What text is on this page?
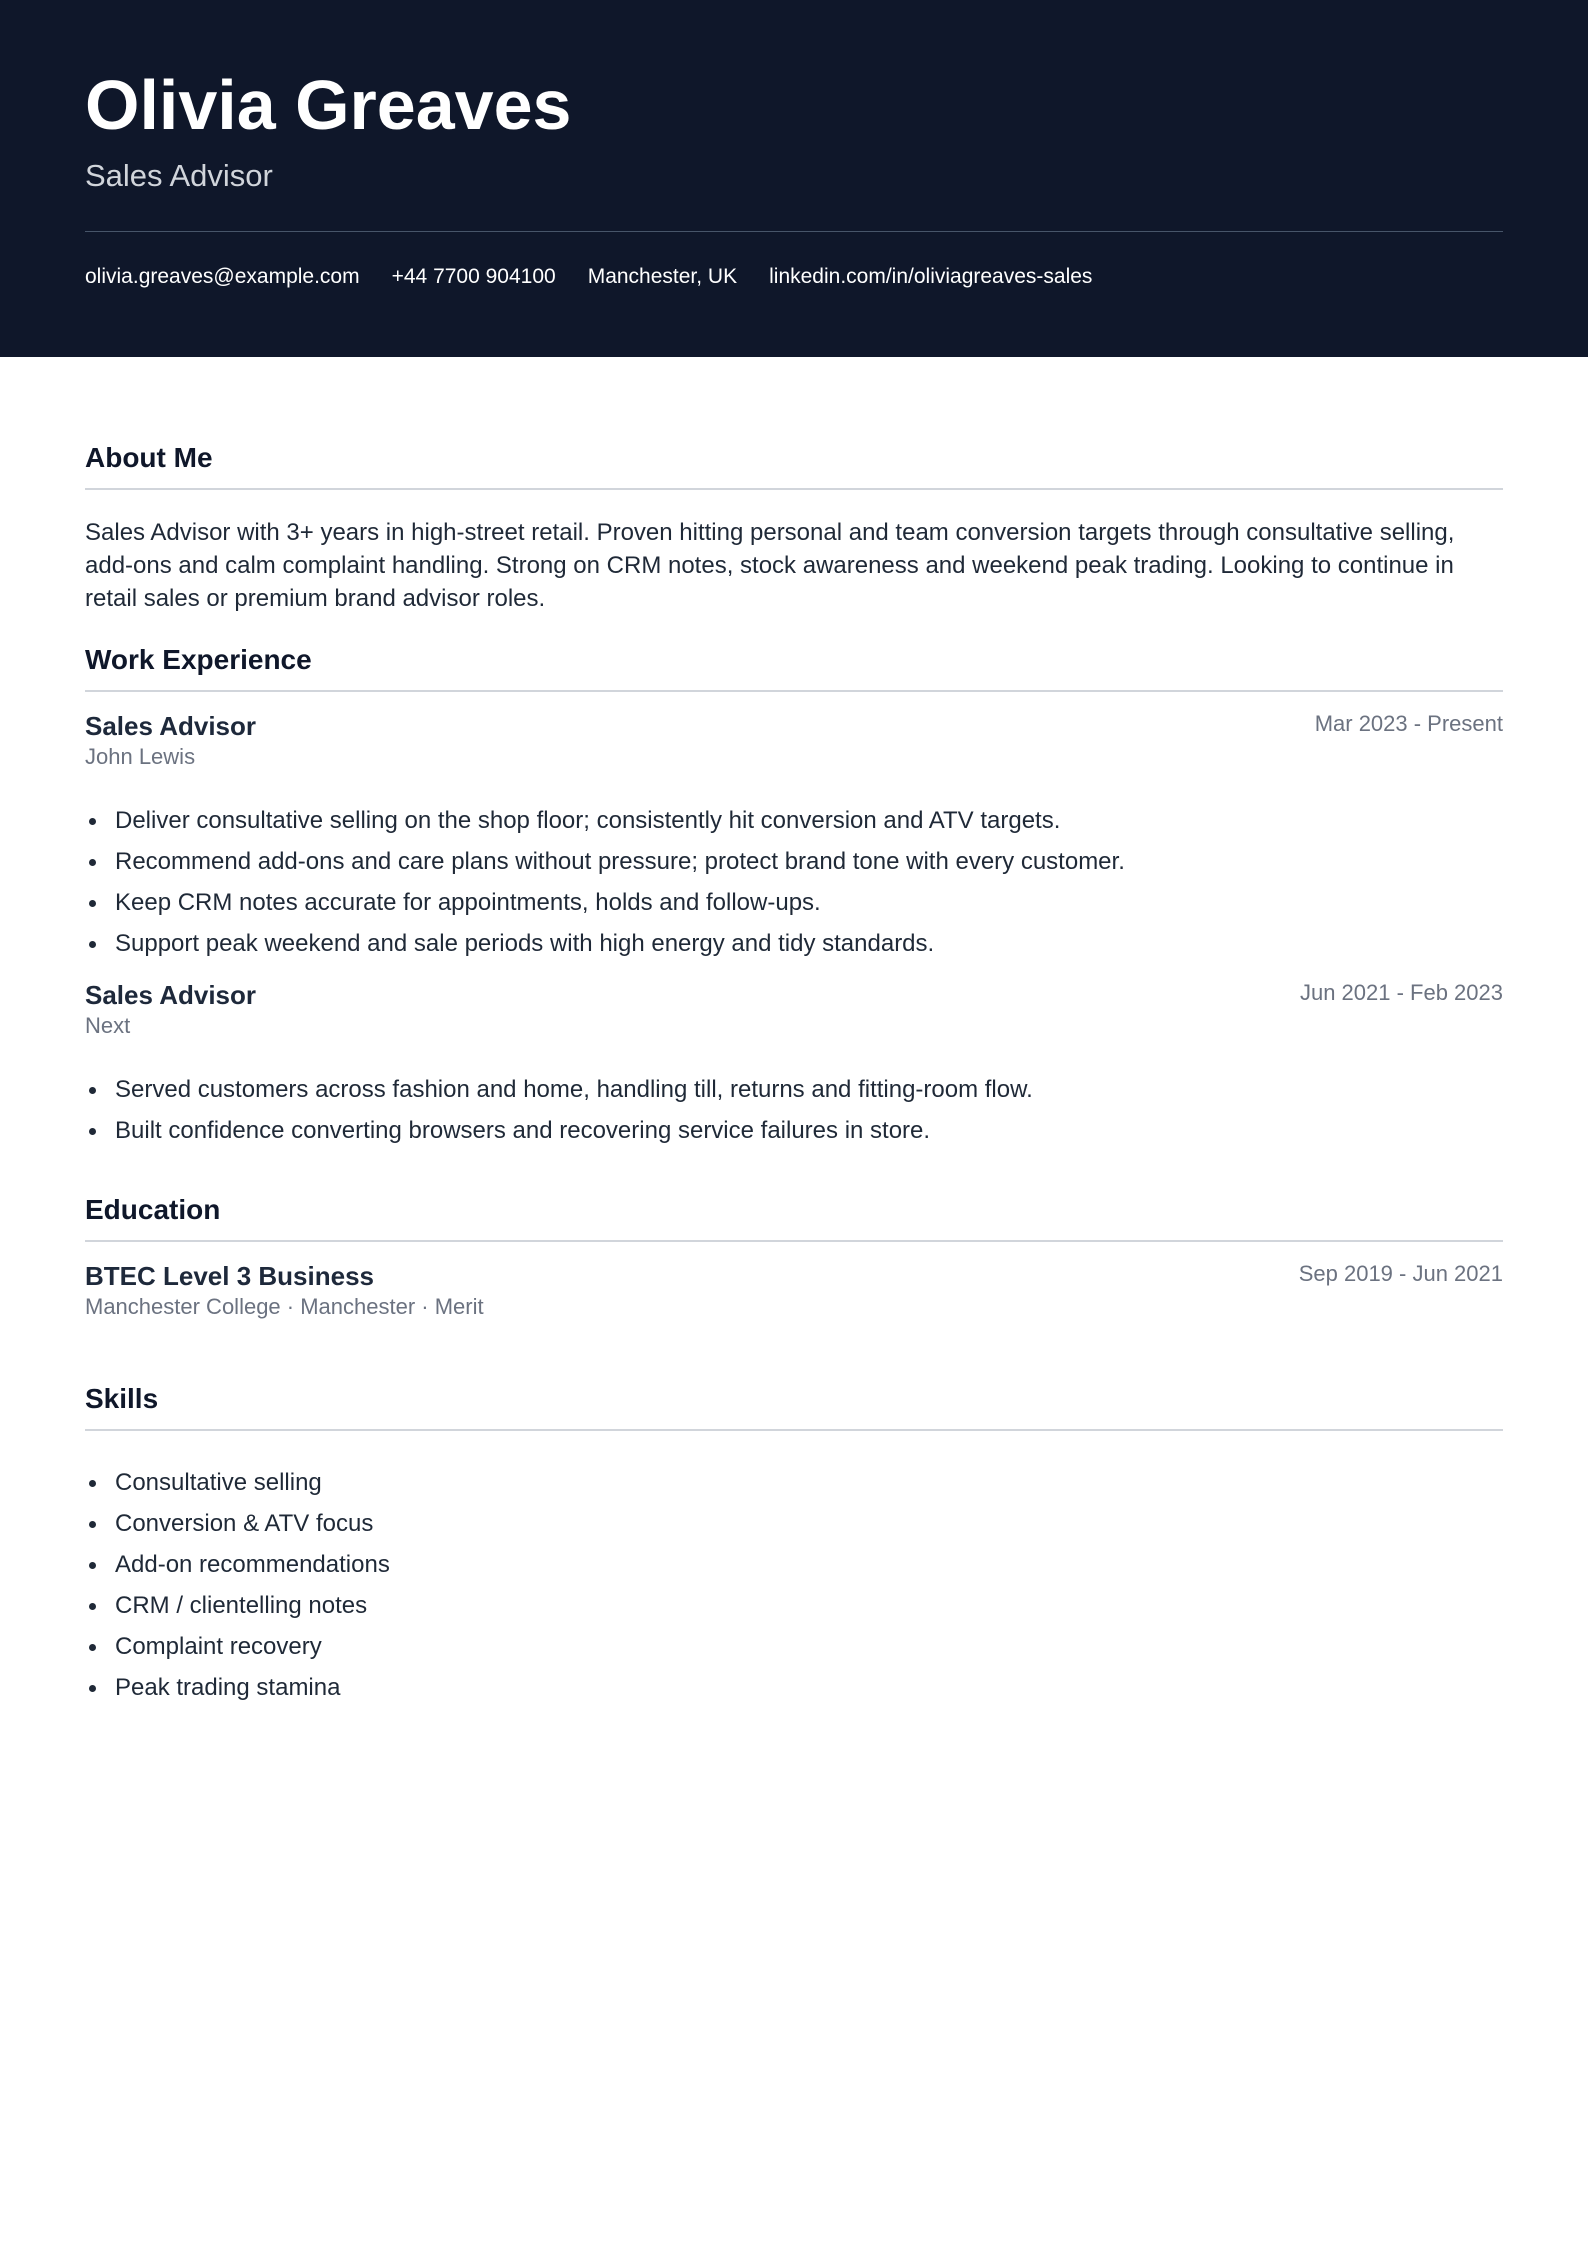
Olivia Greaves
Sales Advisor
olivia.greaves@example.com +44 7700 904100 Manchester, UK linkedin.com/in/oliviagreaves-sales
About Me
Sales Advisor with 3+ years in high-street retail. Proven hitting personal and team conversion targets through consultative selling, add-ons and calm complaint handling. Strong on CRM notes, stock awareness and weekend peak trading. Looking to continue in retail sales or premium brand advisor roles.
Work Experience
Sales Advisor	Mar 2023 - Present
John Lewis
Deliver consultative selling on the shop floor; consistently hit conversion and ATV targets.
Recommend add-ons and care plans without pressure; protect brand tone with every customer.
Keep CRM notes accurate for appointments, holds and follow-ups.
Support peak weekend and sale periods with high energy and tidy standards.
Sales Advisor	Jun 2021 - Feb 2023
Next
Served customers across fashion and home, handling till, returns and fitting-room flow.
Built confidence converting browsers and recovering service failures in store.
Education
BTEC Level 3 Business	Sep 2019 - Jun 2021
Manchester College · Manchester · Merit
Skills
Consultative selling
Conversion & ATV focus
Add-on recommendations
CRM / clientelling notes
Complaint recovery
Peak trading stamina
